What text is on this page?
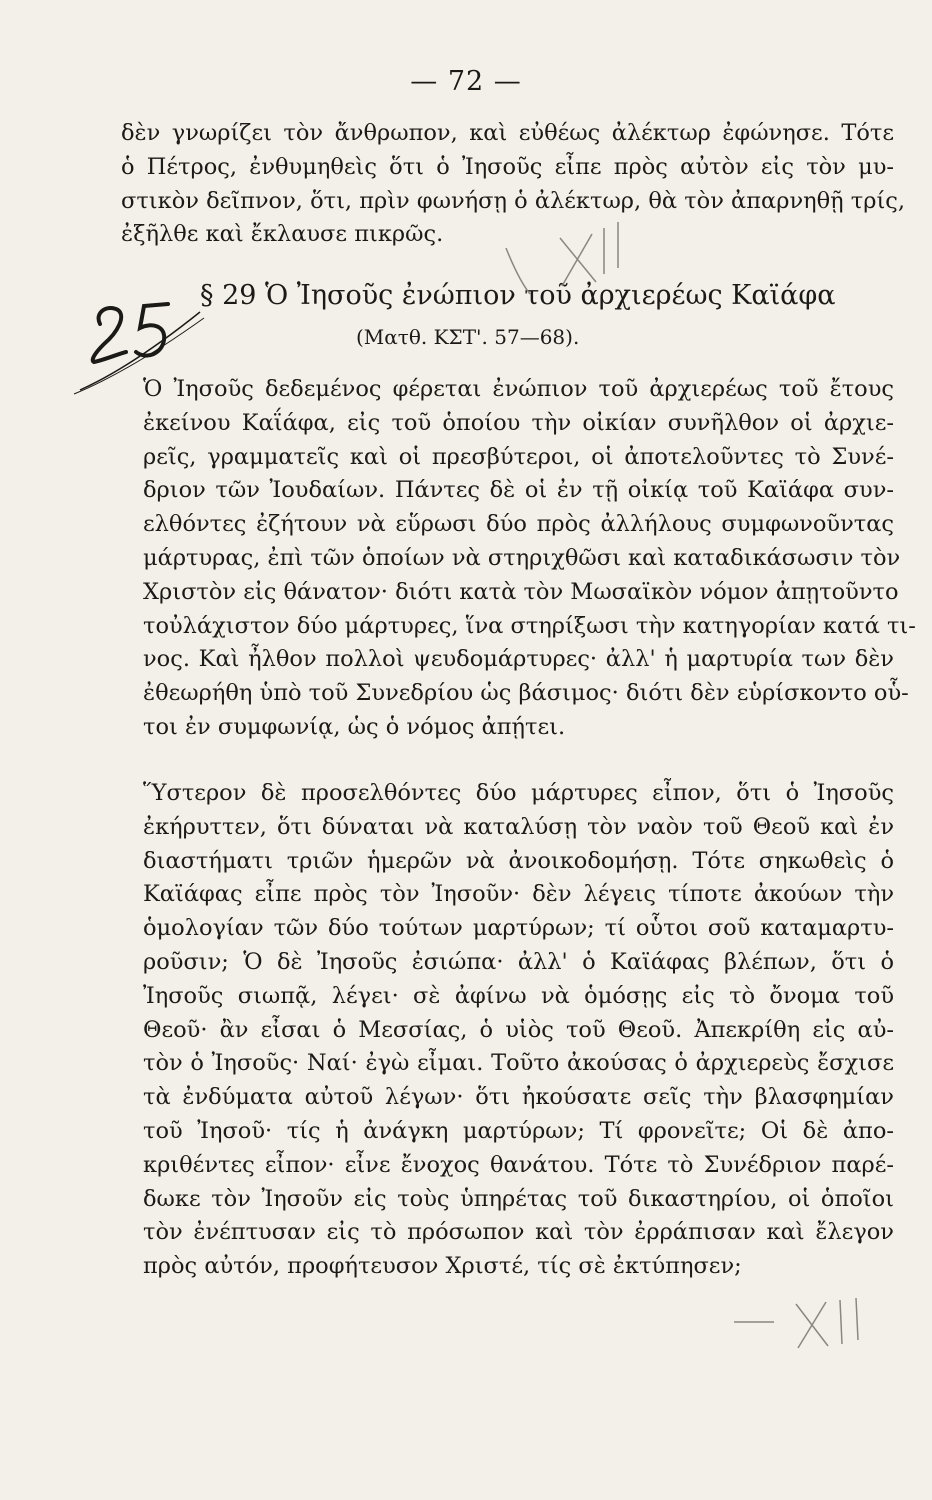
— 72 —
δὲν γνωρίζει τὸν ἄνθρωπον, καὶ εὐθέως ἀλέκτωρ ἐφώνησε. Τότε
ὁ Πέτρος, ἐνθυμηθεὶς ὅτι ὁ Ἰησοῦς εἶπε πρὸς αὐτὸν εἰς τὸν μυ-
στικὸν δεῖπνον, ὅτι, πρὶν φωνήσῃ ὁ ἀλέκτωρ, θὰ τὸν ἀπαρνηθῇ τρίς,
ἐξῆλθε καὶ ἔκλαυσε πικρῶς.
§ 29 Ὁ Ἰησοῦς ἐνώπιον τοῦ ἀρχιερέως Καϊάφα
(Ματθ. ΚΣΤ'. 57—68).
Ὁ Ἰησοῦς δεδεμένος φέρεται ἐνώπιον τοῦ ἀρχιερέως τοῦ ἔτους
ἐκείνου Καΐάφα, εἰς τοῦ ὁποίου τὴν οἰκίαν συνῆλθον οἱ ἀρχιε-
ρεῖς, γραμματεῖς καὶ οἱ πρεσβύτεροι, οἱ ἀποτελοῦντες τὸ Συνέ-
δριον τῶν Ἰουδαίων. Πάντες δὲ οἱ ἐν τῇ οἰκίᾳ τοῦ Καϊάφα συν-
ελθόντες ἐζήτουν νὰ εὕρωσι δύο πρὸς ἀλλήλους συμφωνοῦντας
μάρτυρας, ἐπὶ τῶν ὁποίων νὰ στηριχθῶσι καὶ καταδικάσωσιν τὸν
Χριστὸν εἰς θάνατον· διότι κατὰ τὸν Μωσαϊκὸν νόμον ἀπῃτοῦντο
τοὐλάχιστον δύο μάρτυρες, ἵνα στηρίξωσι τὴν κατηγορίαν κατά τι-
νος. Καὶ ἦλθον πολλοὶ ψευδομάρτυρες· ἀλλ' ἡ μαρτυρία των δὲν
ἐθεωρήθη ὑπὸ τοῦ Συνεδρίου ὡς βάσιμος· διότι δὲν εὑρίσκοντο οὗ-
τοι ἐν συμφωνίᾳ, ὡς ὁ νόμος ἀπῄτει.
Ὕστερον δὲ προσελθόντες δύο μάρτυρες εἶπον, ὅτι ὁ Ἰησοῦς
ἐκήρυττεν, ὅτι δύναται νὰ καταλύσῃ τὸν ναὸν τοῦ Θεοῦ καὶ ἐν
διαστήματι τριῶν ἡμερῶν νὰ ἀνοικοδομήσῃ. Τότε σηκωθεὶς ὁ
Καϊάφας εἶπε πρὸς τὸν Ἰησοῦν· δὲν λέγεις τίποτε ἀκούων τὴν
ὁμολογίαν τῶν δύο τούτων μαρτύρων; τί οὗτοι σοῦ καταμαρτυ-
ροῦσιν; Ὁ δὲ Ἰησοῦς ἐσιώπα· ἀλλ' ὁ Καϊάφας βλέπων, ὅτι ὁ
Ἰησοῦς σιωπᾷ, λέγει· σὲ ἀφίνω νὰ ὁμόσῃς εἰς τὸ ὄνομα τοῦ
Θεοῦ· ἂν εἶσαι ὁ Μεσσίας, ὁ υἱὸς τοῦ Θεοῦ. Ἀπεκρίθη εἰς αὐ-
τὸν ὁ Ἰησοῦς· Ναί· ἐγὼ εἶμαι. Τοῦτο ἀκούσας ὁ ἀρχιερεὺς ἔσχισε
τὰ ἐνδύματα αὐτοῦ λέγων· ὅτι ἠκούσατε σεῖς τὴν βλασφημίαν
τοῦ Ἰησοῦ· τίς ἡ ἀνάγκη μαρτύρων; Τί φρονεῖτε; Οἱ δὲ ἀπο-
κριθέντες εἶπον· εἶνε ἔνοχος θανάτου. Τότε τὸ Συνέδριον παρέ-
δωκε τὸν Ἰησοῦν εἰς τοὺς ὑπηρέτας τοῦ δικαστηρίου, οἱ ὁποῖοι
τὸν ἐνέπτυσαν εἰς τὸ πρόσωπον καὶ τὸν ἐρράπισαν καὶ ἔλεγον
πρὸς αὐτόν, προφήτευσον Χριστέ, τίς σὲ ἐκτύπησεν;
